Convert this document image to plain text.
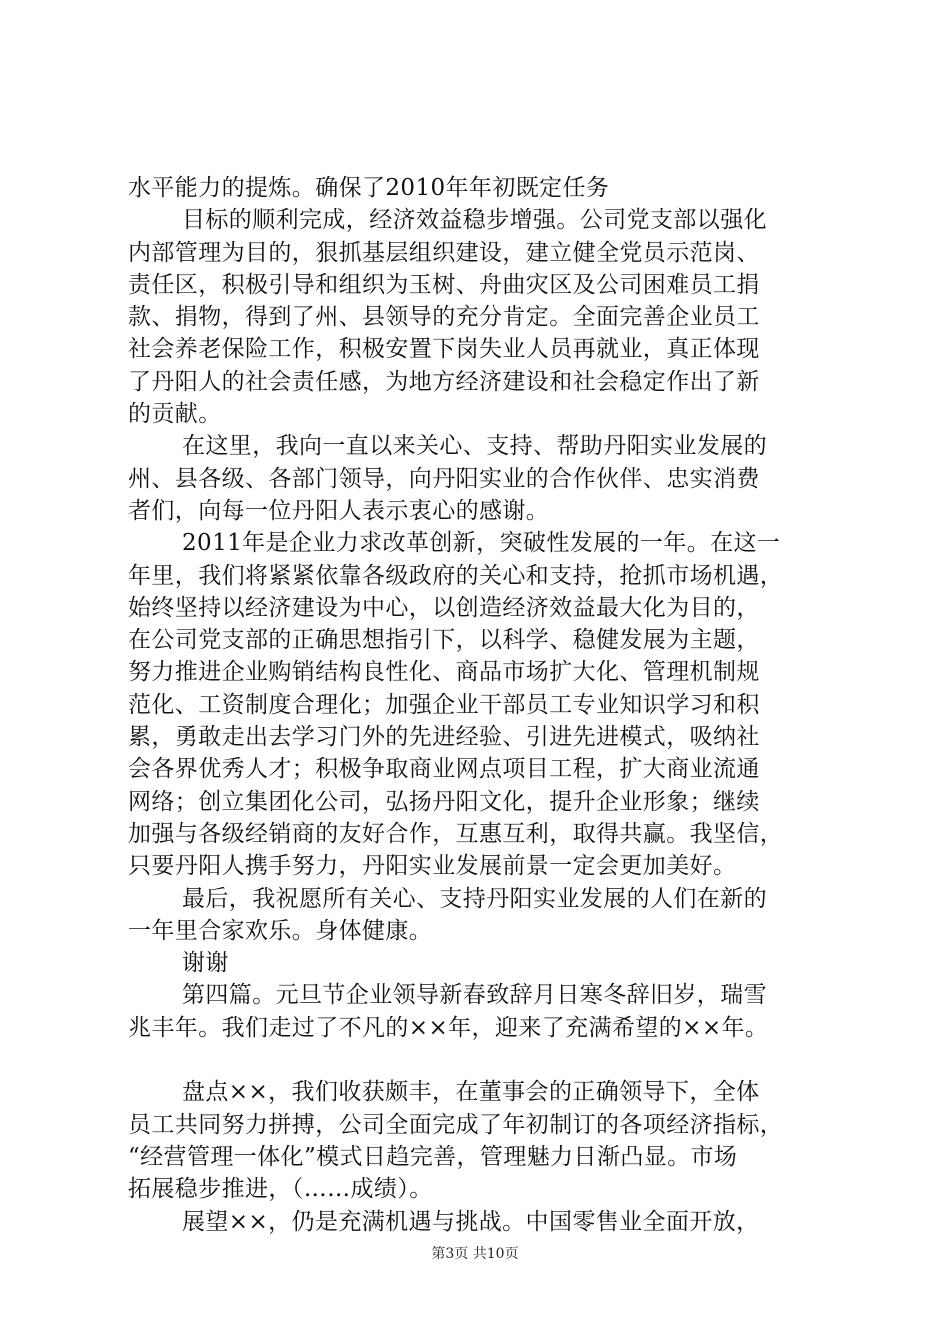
水平能力的提炼。确保了2010年年初既定任务
目标的顺利完成，经济效益稳步增强。公司党支部以强化
内部管理为目的，狠抓基层组织建设，建立健全党员示范岗、
责任区，积极引导和组织为玉树、舟曲灾区及公司困难员工捐
款、捐物，得到了州、县领导的充分肯定。全面完善企业员工
社会养老保险工作，积极安置下岗失业人员再就业，真正体现
了丹阳人的社会责任感，为地方经济建设和社会稳定作出了新
的贡献。
在这里，我向一直以来关心、支持、帮助丹阳实业发展的
州、县各级、各部门领导，向丹阳实业的合作伙伴、忠实消费
者们，向每一位丹阳人表示衷心的感谢。
2011年是企业力求改革创新，突破性发展的一年。在这一
年里，我们将紧紧依靠各级政府的关心和支持，抢抓市场机遇，
始终坚持以经济建设为中心，以创造经济效益最大化为目的，
在公司党支部的正确思想指引下，以科学、稳健发展为主题，
努力推进企业购销结构良性化、商品市场扩大化、管理机制规
范化、工资制度合理化；加强企业干部员工专业知识学习和积
累，勇敢走出去学习门外的先进经验、引进先进模式，吸纳社
会各界优秀人才；积极争取商业网点项目工程，扩大商业流通
网络；创立集团化公司，弘扬丹阳文化，提升企业形象；继续
加强与各级经销商的友好合作，互惠互利，取得共赢。我坚信，
只要丹阳人携手努力，丹阳实业发展前景一定会更加美好。
最后，我祝愿所有关心、支持丹阳实业发展的人们在新的
一年里合家欢乐。身体健康。
谢谢
第四篇。元旦节企业领导新春致辞月日寒冬辞旧岁，瑞雪
兆丰年。我们走过了不凡的××年，迎来了充满希望的××年。
盘点××，我们收获颇丰，在董事会的正确领导下，全体
员工共同努力拼搏，公司全面完成了年初制订的各项经济指标，
“经营管理一体化”模式日趋完善，管理魅力日渐凸显。市场
拓展稳步推进，（……成绩）。
展望××，仍是充满机遇与挑战。中国零售业全面开放，
第3页 共10页
